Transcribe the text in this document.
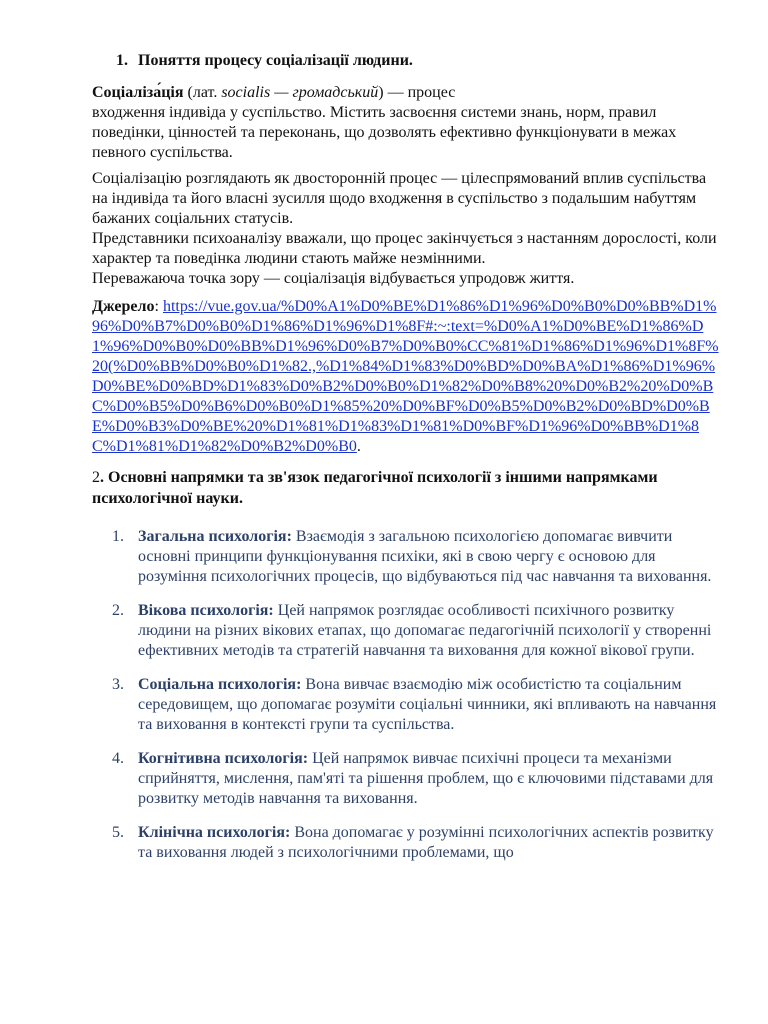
1. Поняття процесу соціалізації людини.

Соціаліза́ція (лат. socialis — громадський) — процес
входження індивіда у суспільство. Містить засвоєння системи знань, норм, правил поведінки, цінностей та переконань, що дозволять ефективно функціонувати в межах певного суспільства.

Соціалізацію розглядають як двосторонній процес — цілеспрямований вплив суспільства на індивіда та його власні зусилля щодо входження в суспільство з подальшим набуттям бажаних соціальних статусів.

Представники психоаналізу вважали, що процес закінчується з настанням дорослості, коли характер та поведінка людини стають майже незмінними.

Переважаюча точка зору — соціалізація відбувається упродовж життя.

Джерело: https://vue.gov.ua/%D0%A1%D0%BE%D1%86%D1%96%D0%B0%D0%BB%D1%96%D0%B7%D0%B0%D1%86%D1%96%D1%8F#:~:text=%D0%A1%D0%BE%D1%86%D1%96%D0%B0%D0%BB%D1%96%D0%B7%D0%B0%CC%81%D1%86%D1%96%D1%8F%20(%D0%BB%D0%B0%D1%82.,%D1%84%D1%83%D0%BD%D0%BA%D1%86%D1%96%D0%BE%D0%BD%D1%83%D0%B2%D0%B0%D1%82%D0%B8%20%D0%B2%20%D0%BC%D0%B5%D0%B6%D0%B0%D1%85%20%D0%BF%D0%B5%D0%B2%D0%BD%D0%BE%D0%B3%D0%BE%20%D1%81%D1%83%D1%81%D0%BF%D1%96%D0%BB%D1%8C%D1%81%D1%82%D0%B2%D0%B0.

2. Основні напрямки та зв'язок педагогічної психології з іншими напрямками психологічної науки.
1. Загальна психологія: Взаємодія з загальною психологією допомагає вивчити основні принципи функціонування психіки, які в свою чергу є основою для розуміння психологічних процесів, що відбуваються під час навчання та виховання.
2. Вікова психологія: Цей напрямок розглядає особливості психічного розвитку людини на різних вікових етапах, що допомагає педагогічній психології у створенні ефективних методів та стратегій навчання та виховання для кожної вікової групи.
3. Соціальна психологія: Вона вивчає взаємодію між особистістю та соціальним середовищем, що допомагає розуміти соціальні чинники, які впливають на навчання та виховання в контексті групи та суспільства.
4. Когнітивна психологія: Цей напрямок вивчає психічні процеси та механізми сприйняття, мислення, пам'яті та рішення проблем, що є ключовими підставами для розвитку методів навчання та виховання.
5. Клінічна психологія: Вона допомагає у розумінні психологічних аспектів розвитку та виховання людей з психологічними проблемами, що
